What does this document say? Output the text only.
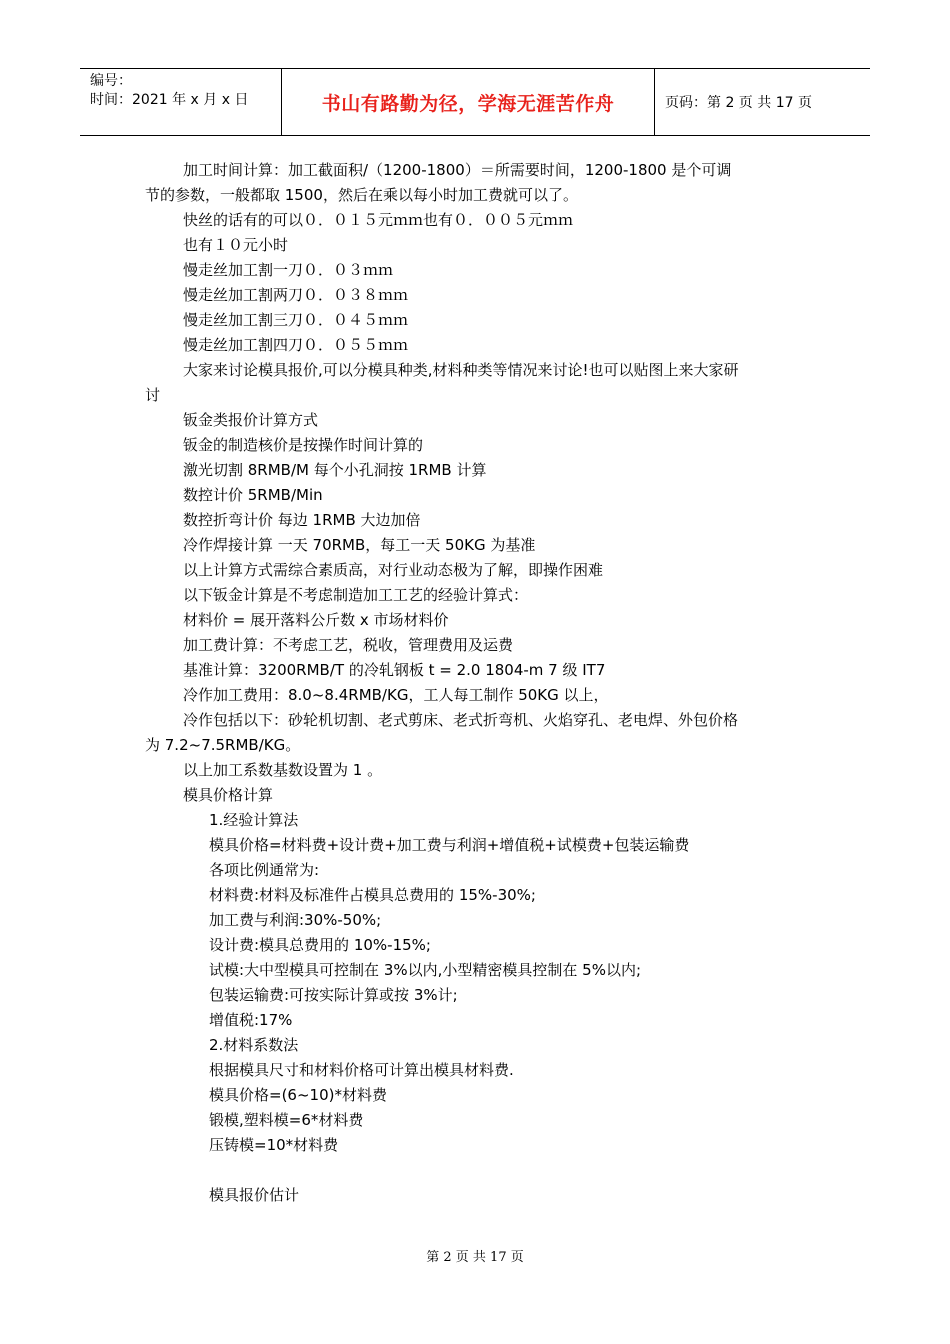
编号：
时间：2021 年 x 月 x 日	书山有路勤为径，学海无涯苦作舟	页码：第 2 页 共 17 页

加工时间计算：加工截面积/（1200-1800）＝所需要时间，1200-1800 是个可调

节的参数，一般都取 1500，然后在乘以每小时加工费就可以了。

快丝的话有的可以０．０１５元ｍｍ也有０．００５元ｍｍ

也有１０元小时

慢走丝加工割一刀０．０３ｍｍ

慢走丝加工割两刀０．０３８ｍｍ

慢走丝加工割三刀０．０４５ｍｍ

慢走丝加工割四刀０．０５５ｍｍ

大家来讨论模具报价,可以分模具种类,材料种类等情况来讨论!也可以贴图上来大家研

讨

钣金类报价计算方式

钣金的制造核价是按操作时间计算的

激光切割 8RMB/M 每个小孔洞按 1RMB 计算

数控计价 5RMB/Min

数控折弯计价 每边 1RMB 大边加倍

冷作焊接计算 一天 70RMB，每工一天 50KG 为基准

以上计算方式需综合素质高，对行业动态极为了解，即操作困难

以下钣金计算是不考虑制造加工工艺的经验计算式：

材料价 = 展开落料公斤数 x 市场材料价

加工费计算：不考虑工艺，税收，管理费用及运费

基准计算：3200RMB/T 的冷轧钢板 t = 2.0 1804-m 7 级 IT7

冷作加工费用：8.0~8.4RMB/KG，工人每工制作 50KG 以上，

冷作包括以下：砂轮机切割、老式剪床、老式折弯机、火焰穿孔、老电焊、外包价格

为 7.2~7.5RMB/KG。

以上加工系数基数设置为 1 。

模具价格计算

1.经验计算法

模具价格=材料费+设计费+加工费与利润+增值税+试模费+包装运输费

各项比例通常为:

材料费:材料及标准件占模具总费用的 15%-30%;

加工费与利润:30%-50%;

设计费:模具总费用的 10%-15%;

试模:大中型模具可控制在 3%以内,小型精密模具控制在 5%以内;

包装运输费:可按实际计算或按 3%计;

增值税:17%

2.材料系数法

根据模具尺寸和材料价格可计算出模具材料费.

模具价格=(6~10)*材料费

锻模,塑料模=6*材料费

压铸模=10*材料费

模具报价估计

第 2 页 共 17 页
